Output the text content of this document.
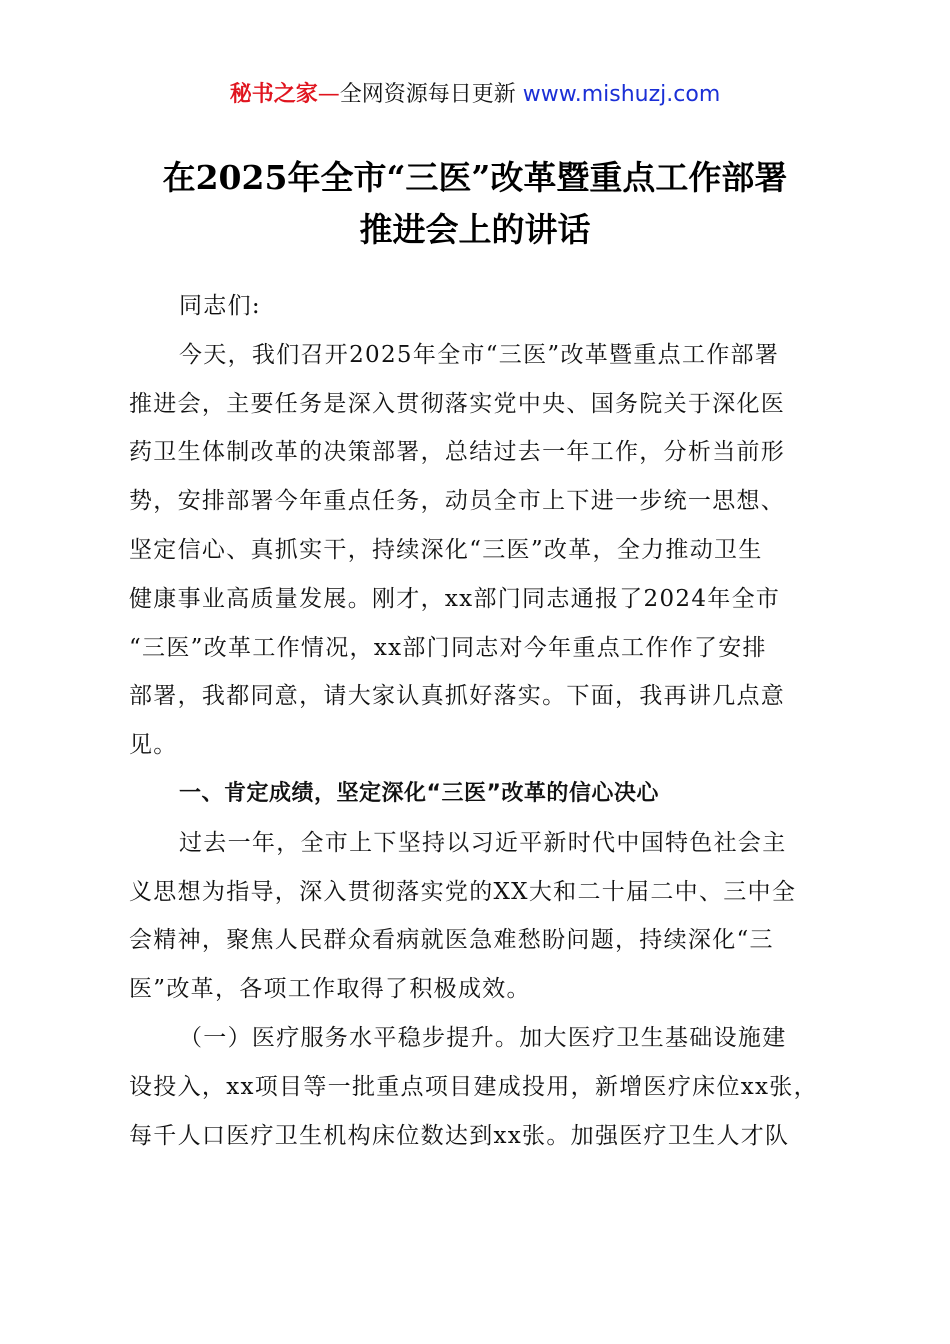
秘书之家—全网资源每日更新 www.mishuzj.com
在2025年全市“三医”改革暨重点工作部署
推进会上的讲话
同志们:
今天，我们召开2025年全市“三医”改革暨重点工作部署
推进会，主要任务是深入贯彻落实党中央、国务院关于深化医
药卫生体制改革的决策部署，总结过去一年工作，分析当前形
势，安排部署今年重点任务，动员全市上下进一步统一思想、
坚定信心、真抓实干，持续深化“三医”改革，全力推动卫生
健康事业高质量发展。刚才，xx部门同志通报了2024年全市
“三医”改革工作情况，xx部门同志对今年重点工作作了安排
部署，我都同意，请大家认真抓好落实。下面，我再讲几点意
见。
一、肯定成绩，坚定深化“三医”改革的信心决心
过去一年，全市上下坚持以习近平新时代中国特色社会主
义思想为指导，深入贯彻落实党的XX大和二十届二中、三中全
会精神，聚焦人民群众看病就医急难愁盼问题，持续深化“三
医”改革，各项工作取得了积极成效。
（一）医疗服务水平稳步提升。加大医疗卫生基础设施建
设投入，xx项目等一批重点项目建成投用，新增医疗床位xx张，
每千人口医疗卫生机构床位数达到xx张。加强医疗卫生人才队
